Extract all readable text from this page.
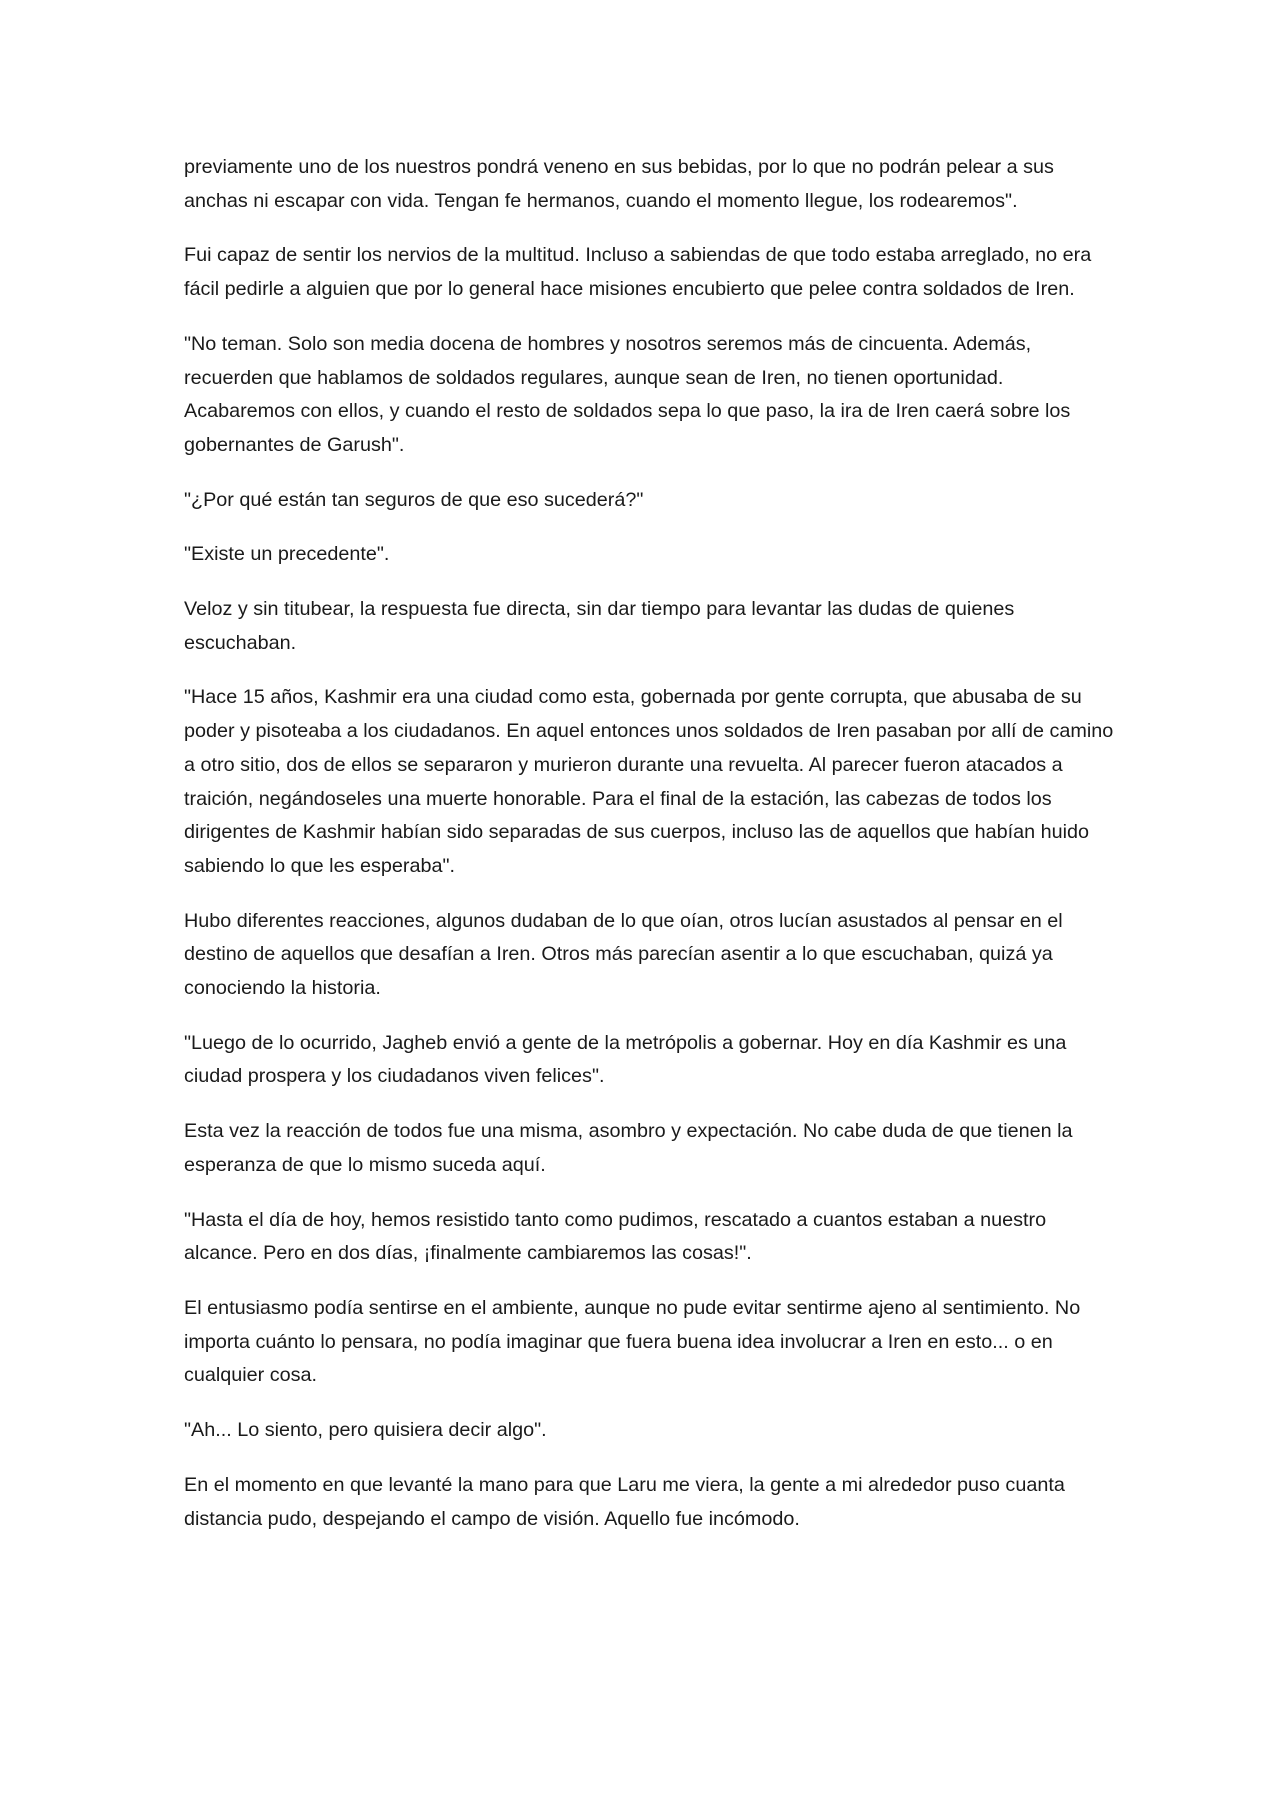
previamente uno de los nuestros pondrá veneno en sus bebidas, por lo que no podrán pelear a sus anchas ni escapar con vida. Tengan fe hermanos, cuando el momento llegue, los rodearemos".

Fui capaz de sentir los nervios de la multitud. Incluso a sabiendas de que todo estaba arreglado, no era fácil pedirle a alguien que por lo general hace misiones encubierto que pelee contra soldados de Iren.

"No teman. Solo son media docena de hombres y nosotros seremos más de cincuenta. Además, recuerden que hablamos de soldados regulares, aunque sean de Iren, no tienen oportunidad. Acabaremos con ellos, y cuando el resto de soldados sepa lo que paso, la ira de Iren caerá sobre los gobernantes de Garush".

"¿Por qué están tan seguros de que eso sucederá?"

"Existe un precedente".

Veloz y sin titubear, la respuesta fue directa, sin dar tiempo para levantar las dudas de quienes escuchaban.

"Hace 15 años, Kashmir era una ciudad como esta, gobernada por gente corrupta, que abusaba de su poder y pisoteaba a los ciudadanos. En aquel entonces unos soldados de Iren pasaban por allí de camino a otro sitio, dos de ellos se separaron y murieron durante una revuelta. Al parecer fueron atacados a traición, negándoseles una muerte honorable. Para el final de la estación, las cabezas de todos los dirigentes de Kashmir habían sido separadas de sus cuerpos, incluso las de aquellos que habían huido sabiendo lo que les esperaba".

Hubo diferentes reacciones, algunos dudaban de lo que oían, otros lucían asustados al pensar en el destino de aquellos que desafían a Iren. Otros más parecían asentir a lo que escuchaban, quizá ya conociendo la historia.

"Luego de lo ocurrido, Jagheb envió a gente de la metrópolis a gobernar. Hoy en día Kashmir es una ciudad prospera y los ciudadanos viven felices".

Esta vez la reacción de todos fue una misma, asombro y expectación. No cabe duda de que tienen la esperanza de que lo mismo suceda aquí.

"Hasta el día de hoy, hemos resistido tanto como pudimos, rescatado a cuantos estaban a nuestro alcance. Pero en dos días, ¡finalmente cambiaremos las cosas!".

El entusiasmo podía sentirse en el ambiente, aunque no pude evitar sentirme ajeno al sentimiento. No importa cuánto lo pensara, no podía imaginar que fuera buena idea involucrar a Iren en esto... o en cualquier cosa.

"Ah... Lo siento, pero quisiera decir algo".

En el momento en que levanté la mano para que Laru me viera, la gente a mi alrededor puso cuanta distancia pudo, despejando el campo de visión. Aquello fue incómodo.
